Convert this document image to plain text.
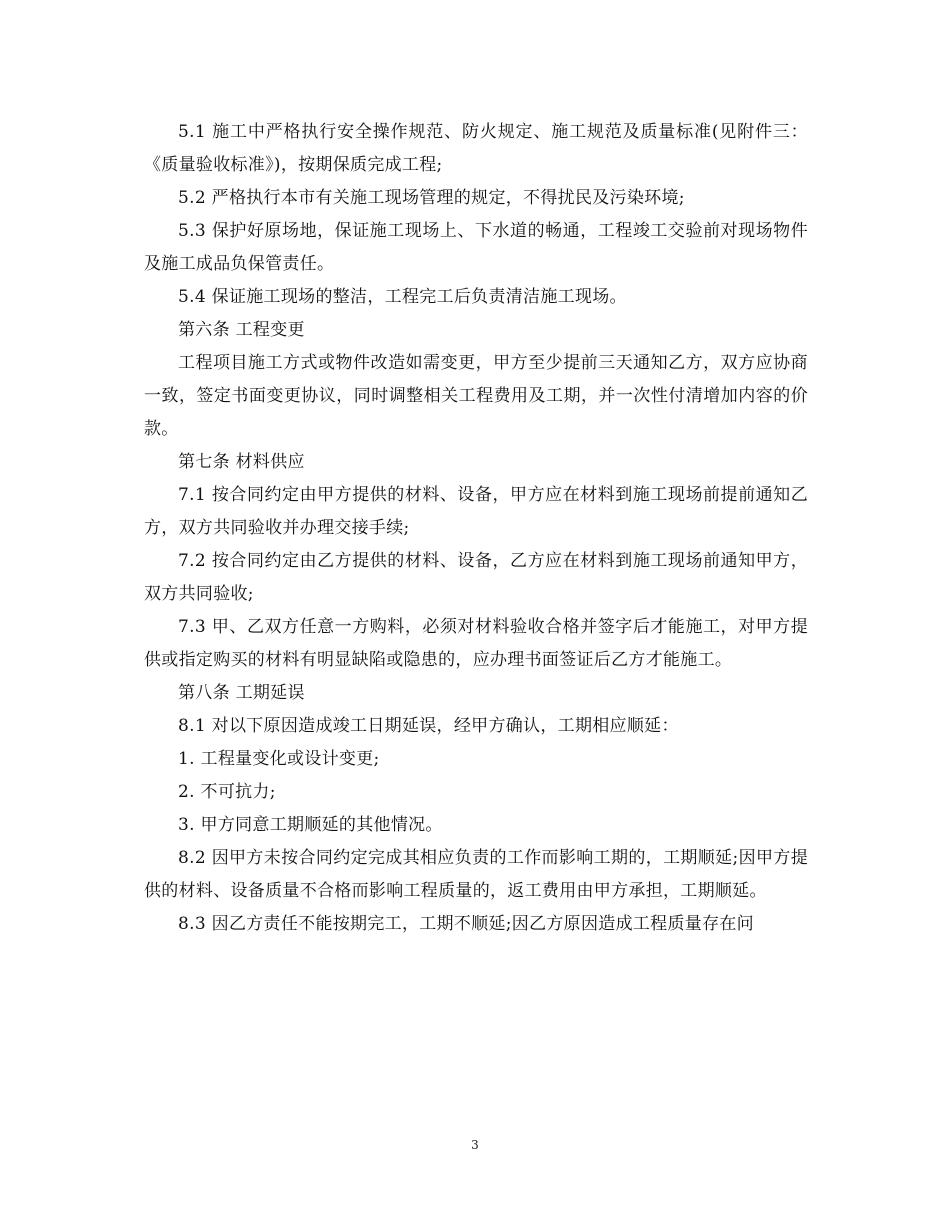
5.1 施工中严格执行安全操作规范、防火规定、施工规范及质量标准(见附件三：《质量验收标准》)，按期保质完成工程;

5.2 严格执行本市有关施工现场管理的规定，不得扰民及污染环境;

5.3 保护好原场地，保证施工现场上、下水道的畅通，工程竣工交验前对现场物件及施工成品负保管责任。

5.4 保证施工现场的整洁，工程完工后负责清洁施工现场。

第六条 工程变更

工程项目施工方式或物件改造如需变更，甲方至少提前三天通知乙方，双方应协商一致，签定书面变更协议，同时调整相关工程费用及工期，并一次性付清增加内容的价款。

第七条 材料供应

7.1 按合同约定由甲方提供的材料、设备，甲方应在材料到施工现场前提前通知乙方，双方共同验收并办理交接手续;

7.2 按合同约定由乙方提供的材料、设备，乙方应在材料到施工现场前通知甲方，双方共同验收;

7.3 甲、乙双方任意一方购料，必须对材料验收合格并签字后才能施工，对甲方提供或指定购买的材料有明显缺陷或隐患的，应办理书面签证后乙方才能施工。

第八条 工期延误

8.1 对以下原因造成竣工日期延误，经甲方确认，工期相应顺延：

1. 工程量变化或设计变更;

2. 不可抗力;

3. 甲方同意工期顺延的其他情况。

8.2 因甲方未按合同约定完成其相应负责的工作而影响工期的，工期顺延;因甲方提供的材料、设备质量不合格而影响工程质量的，返工费用由甲方承担，工期顺延。

8.3 因乙方责任不能按期完工，工期不顺延;因乙方原因造成工程质量存在问

3
